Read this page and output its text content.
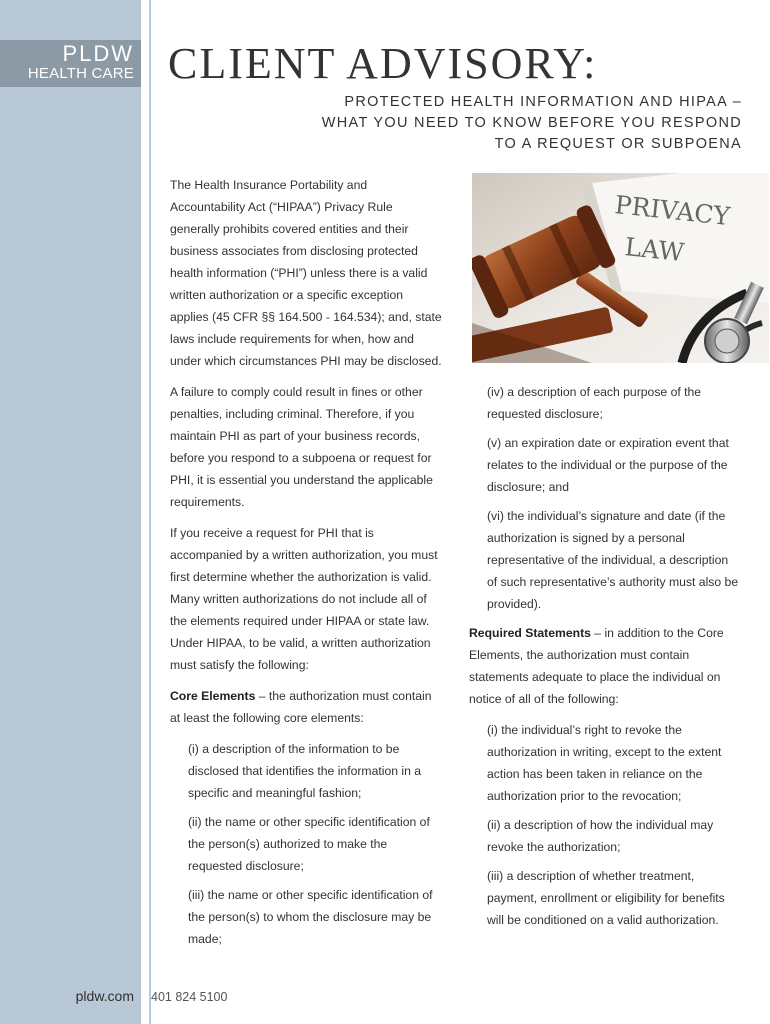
PLDW
HEALTH CARE CLIENT ADVISORY:
PROTECTED HEALTH INFORMATION AND HIPAA –
WHAT YOU NEED TO KNOW BEFORE YOU RESPOND
TO A REQUEST OR SUBPOENA
PRIVACY
LAW

The Health Insurance Portability and Accountability Act (“HIPAA”) Privacy Rule generally prohibits covered entities and their business associates from disclosing protected health information (“PHI”) unless there is a valid written authorization or a specific exception applies (45 CFR §§ 164.500 - 164.534); and, state laws include requirements for when, how and under which circumstances PHI may be disclosed.

A failure to comply could result in fines or other penalties, including criminal. Therefore, if you maintain PHI as part of your business records, before you respond to a subpoena or request for PHI, it is essential you understand the applicable requirements.

If you receive a request for PHI that is accompanied by a written authorization, you must first determine whether the authorization is valid. Many written authorizations do not include all of the elements required under HIPAA or state law. Under HIPAA, to be valid, a written authorization must satisfy the following:

Core Elements – the authorization must contain at least the following core elements:

(i) a description of the information to be disclosed that identifies the information in a specific and meaningful fashion;

(ii) the name or other specific identification of the person(s) authorized to make the requested disclosure;

(iii) the name or other specific identification of the person(s) to whom the disclosure may be made;

(iv) a description of each purpose of the requested disclosure;

(v) an expiration date or expiration event that relates to the individual or the purpose of the disclosure; and

(vi) the individual’s signature and date (if the authorization is signed by a personal representative of the individual, a description of such representative’s authority must also be provided).

Required Statements – in addition to the Core Elements, the authorization must contain statements adequate to place the individual on notice of all of the following:

(i) the individual’s right to revoke the authorization in writing, except to the extent action has been taken in reliance on the authorization prior to the revocation;

(ii) a description of how the individual may revoke the authorization;

(iii) a description of whether treatment, payment, enrollment or eligibility for benefits will be conditioned on a valid authorization.

pldw.com 401 824 5100
